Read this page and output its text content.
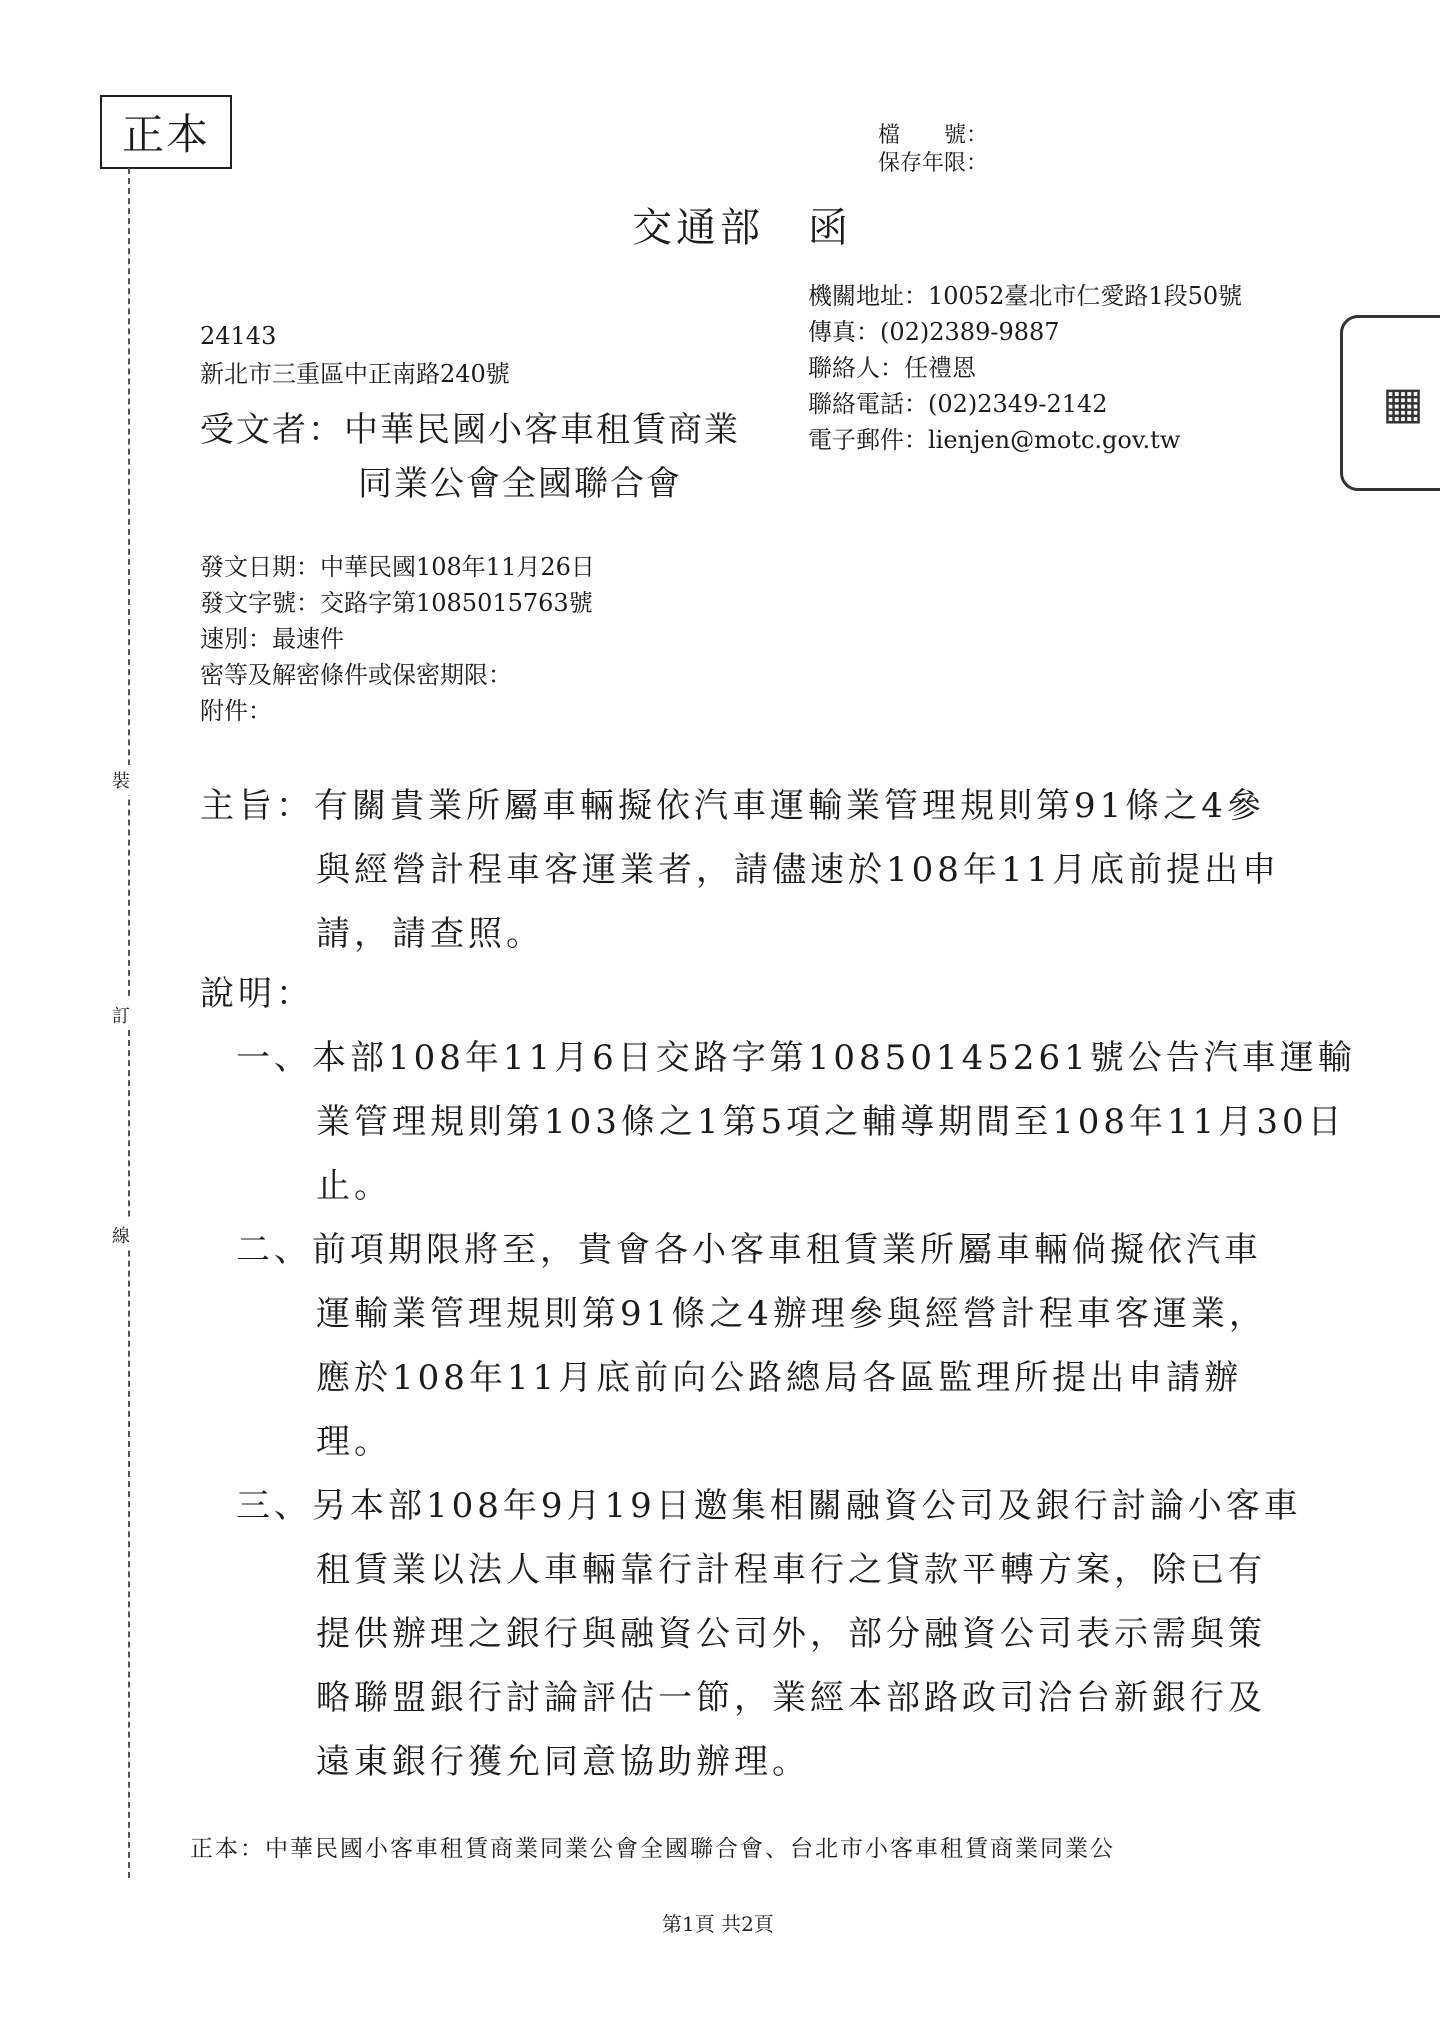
正本
裝
訂
線
檔　　號：
保存年限：
交通部　函
機關地址：10052臺北市仁愛路1段50號
傳真：(02)2389-9887
聯絡人：任禮恩
聯絡電話：(02)2349-2142
電子郵件：lienjen@motc.gov.tw
▦
24143
新北市三重區中正南路240號
受文者：中華民國小客車租賃商業
同業公會全國聯合會
發文日期：中華民國108年11月26日
發文字號：交路字第1085015763號
速別：最速件
密等及解密條件或保密期限：
附件：
主旨：有關貴業所屬車輛擬依汽車運輸業管理規則第91條之4參
與經營計程車客運業者，請儘速於108年11月底前提出申
請，請查照。
說明：
一、本部108年11月6日交路字第10850145261號公告汽車運輸
業管理規則第103條之1第5項之輔導期間至108年11月30日
止。
二、前項期限將至，貴會各小客車租賃業所屬車輛倘擬依汽車
運輸業管理規則第91條之4辦理參與經營計程車客運業，
應於108年11月底前向公路總局各區監理所提出申請辦
理。
三、另本部108年9月19日邀集相關融資公司及銀行討論小客車
租賃業以法人車輛靠行計程車行之貸款平轉方案，除已有
提供辦理之銀行與融資公司外，部分融資公司表示需與策
略聯盟銀行討論評估一節，業經本部路政司洽台新銀行及
遠東銀行獲允同意協助辦理。
正本：中華民國小客車租賃商業同業公會全國聯合會、台北市小客車租賃商業同業公
第1頁 共2頁
